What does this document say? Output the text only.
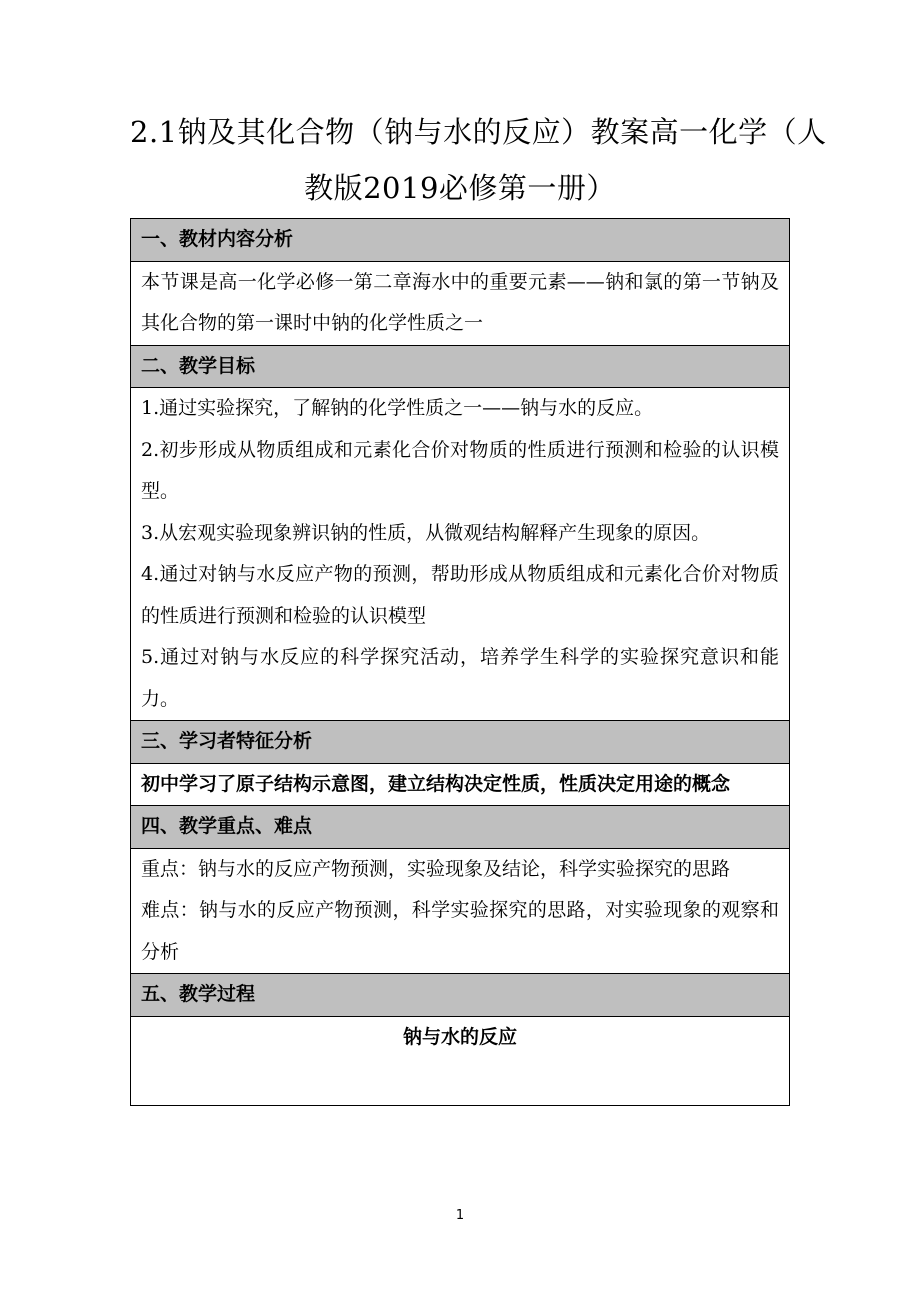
2.1钠及其化合物（钠与水的反应）教案高一化学（人
教版2019必修第一册）
一、教材内容分析

本节课是高一化学必修一第二章海水中的重要元素——钠和氯的第一节钠及其化合物的第一课时中钠的化学性质之一

二、教学目标

1.通过实验探究，了解钠的化学性质之一——钠与水的反应。
2.初步形成从物质组成和元素化合价对物质的性质进行预测和检验的认识模型。
3.从宏观实验现象辨识钠的性质，从微观结构解释产生现象的原因。
4.通过对钠与水反应产物的预测，帮助形成从物质组成和元素化合价对物质的性质进行预测和检验的认识模型
5.通过对钠与水反应的科学探究活动，培养学生科学的实验探究意识和能力。

三、学习者特征分析

初中学习了原子结构示意图，建立结构决定性质，性质决定用途的概念

四、教学重点、难点

重点：钠与水的反应产物预测，实验现象及结论，科学实验探究的思路
难点：钠与水的反应产物预测，科学实验探究的思路，对实验现象的观察和分析

五、教学过程
钠与水的反应
1
